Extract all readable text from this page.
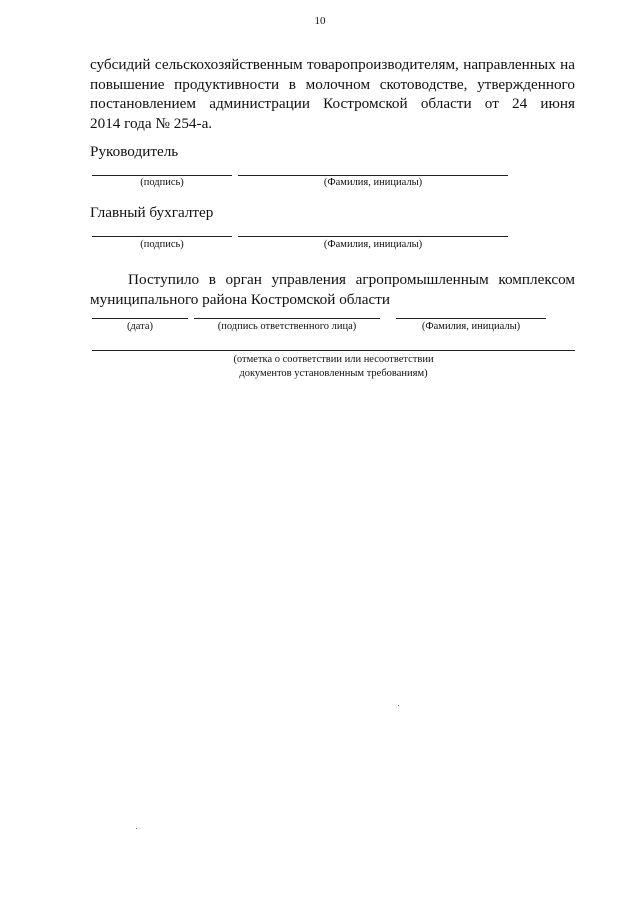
10
субсидий сельскохозяйственным товаропроизводителям, направленных на
повышение продуктивности в молочном скотоводстве, утвержденного
постановлением администрации Костромской области от 24 июня
2014 года № 254-а.
Руководитель
(подпись)	(Фамилия, инициалы)
Главный бухгалтер
(подпись)	(Фамилия, инициалы)
Поступило в орган управления агропромышленным комплексом
муниципального района Костромской области
(дата)	(подпись ответственного лица)	(Фамилия, инициалы)
(отметка о соответствии или несоответствии
документов установленным требованиям)
